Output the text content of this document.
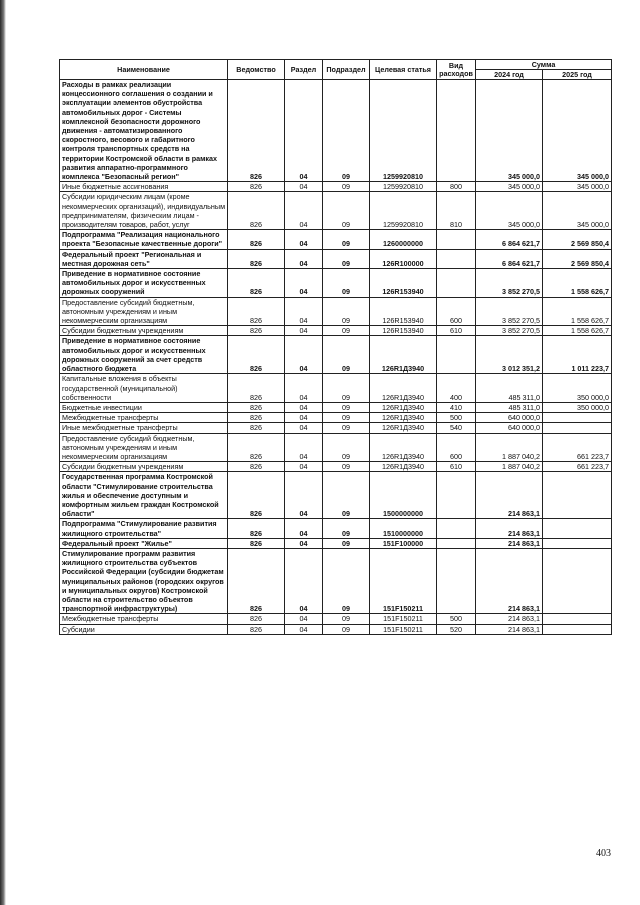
Наименование	Ведомство	Раздел	Подраздел	Целевая статья	Вид расходов	Сумма	
						2024 год	2025 год
Расходы в рамках реализации концессионного соглашения о создании и эксплуатации элементов обустройства автомобильных дорог - Системы комплексной безопасности дорожного движения - автоматизированного скоростного, весового и габаритного контроля транспортных средств на территории Костромской области в рамках развития аппаратно-программного комплекса "Безопасный регион"	826	04	09	1259920810		345 000,0	345 000,0
Иные бюджетные ассигнования	826	04	09	1259920810	800	345 000,0	345 000,0
Субсидии юридическим лицам (кроме некоммерческих организаций), индивидуальным предпринимателям, физическим лицам - производителям товаров, работ, услуг	826	04	09	1259920810	810	345 000,0	345 000,0
Подпрограмма "Реализация национального проекта "Безопасные качественные дороги"	826	04	09	1260000000		6 864 621,7	2 569 850,4
Федеральный проект "Региональная и местная дорожная сеть"	826	04	09	126R100000		6 864 621,7	2 569 850,4
Приведение в нормативное состояние автомобильных дорог и искусственных дорожных сооружений	826	04	09	126R153940		3 852 270,5	1 558 626,7
Предоставление субсидий бюджетным, автономным учреждениям и иным некоммерческим организациям	826	04	09	126R153940	600	3 852 270,5	1 558 626,7
Субсидии бюджетным учреждениям	826	04	09	126R153940	610	3 852 270,5	1 558 626,7
Приведение в нормативное состояние автомобильных дорог и искусственных дорожных сооружений за счет средств областного бюджета	826	04	09	126R1Д3940		3 012 351,2	1 011 223,7
Капитальные вложения в объекты государственной (муниципальной) собственности	826	04	09	126R1Д3940	400	485 311,0	350 000,0
Бюджетные инвестиции	826	04	09	126R1Д3940	410	485 311,0	350 000,0
Межбюджетные трансферты	826	04	09	126R1Д3940	500	640 000,0	
Иные межбюджетные трансферты	826	04	09	126R1Д3940	540	640 000,0	
Предоставление субсидий бюджетным, автономным учреждениям и иным некоммерческим организациям	826	04	09	126R1Д3940	600	1 887 040,2	661 223,7
Субсидии бюджетным учреждениям	826	04	09	126R1Д3940	610	1 887 040,2	661 223,7
Государственная программа Костромской области "Стимулирование строительства жилья и обеспечение доступным и комфортным жильем граждан Костромской области"	826	04	09	1500000000		214 863,1	
Подпрограмма "Стимулирование развития жилищного строительства"	826	04	09	1510000000		214 863,1	
Федеральный проект "Жилье"	826	04	09	151F100000		214 863,1	
Стимулирование программ развития жилищного строительства субъектов Российской Федерации (субсидии бюджетам муниципальных районов (городских округов и муниципальных округов) Костромской области на строительство объектов транспортной инфраструктуры)	826	04	09	151F150211		214 863,1	
Межбюджетные трансферты	826	04	09	151F150211	500	214 863,1	
Субсидии	826	04	09	151F150211	520	214 863,1	
403
